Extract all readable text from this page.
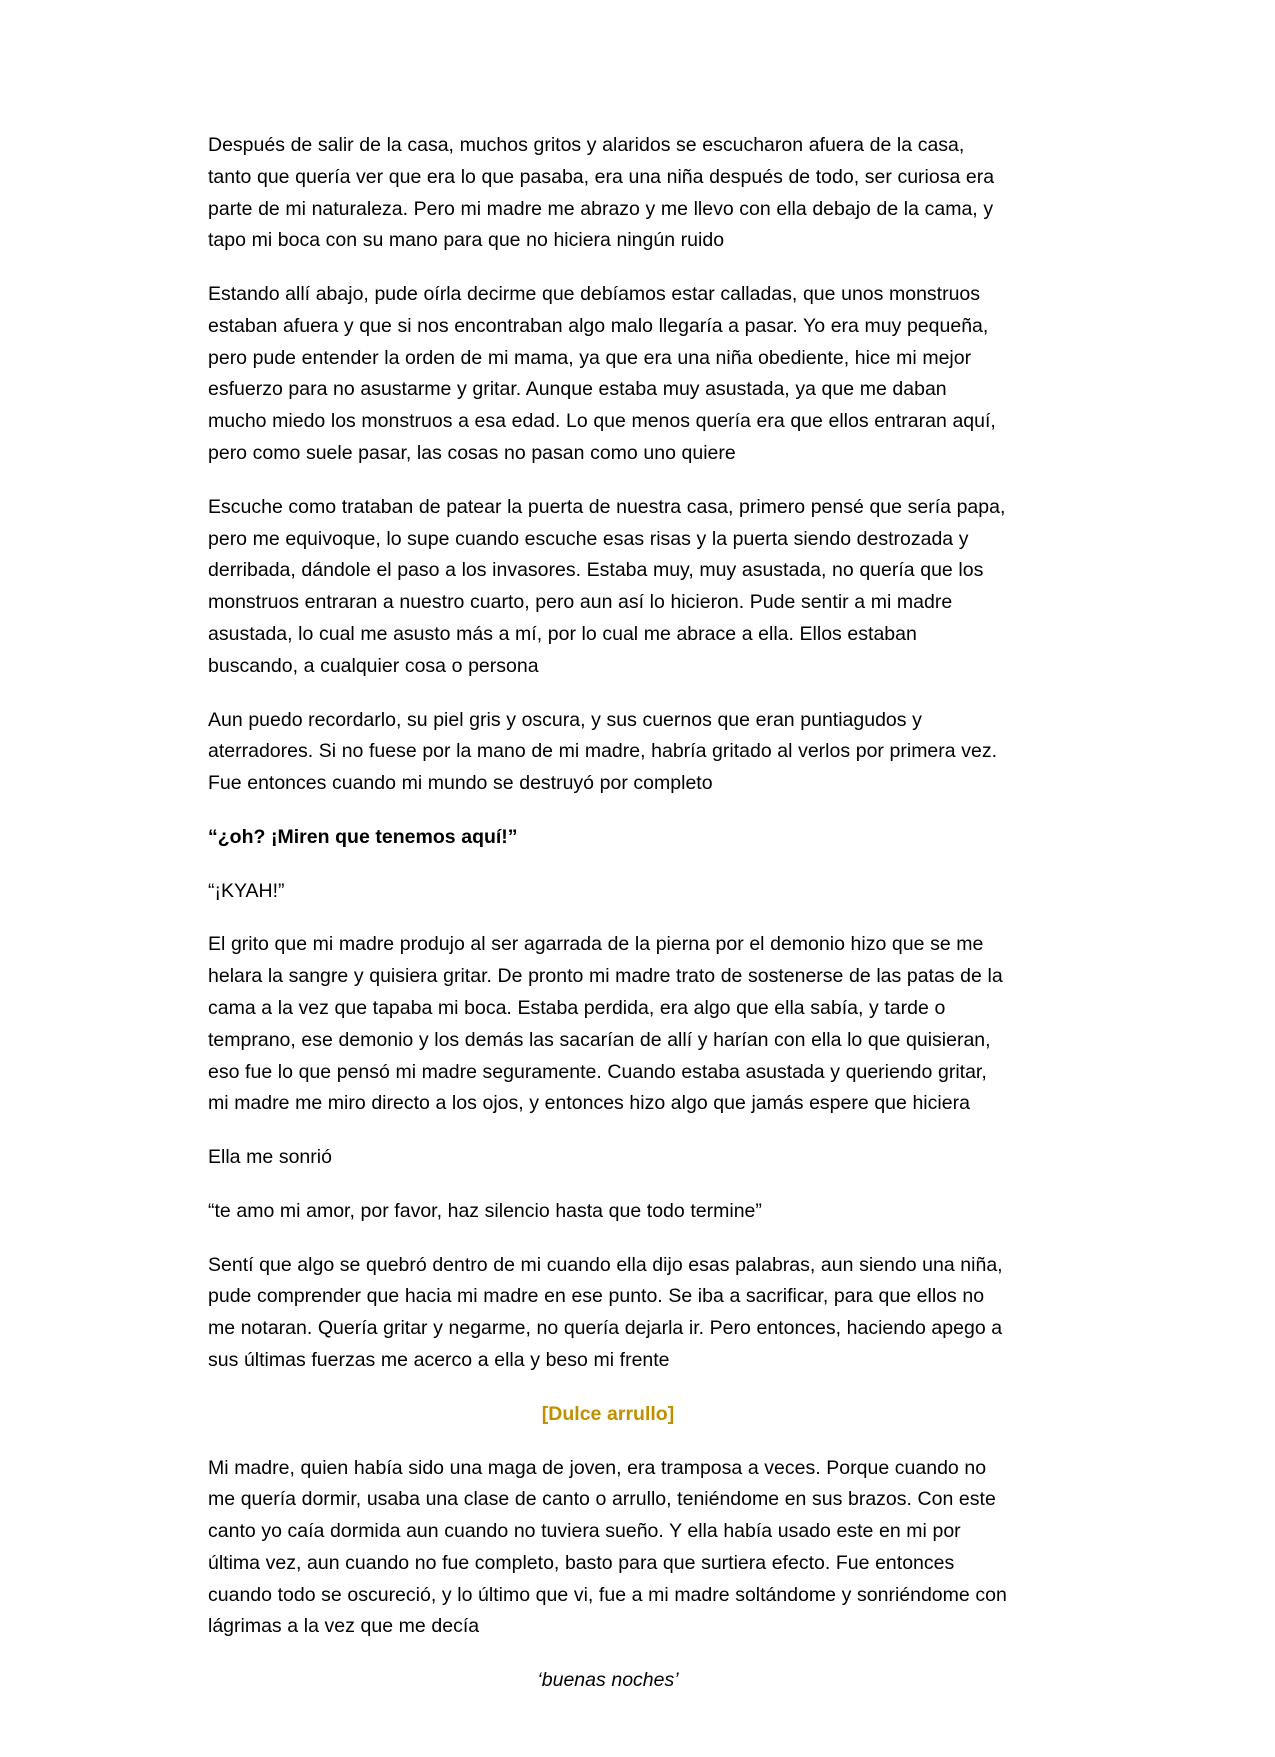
Después de salir de la casa, muchos gritos y alaridos se escucharon afuera de la casa, tanto que quería ver que era lo que pasaba, era una niña después de todo, ser curiosa era parte de mi naturaleza. Pero mi madre me abrazo y me llevo con ella debajo de la cama, y tapo mi boca con su mano para que no hiciera ningún ruido

Estando allí abajo, pude oírla decirme que debíamos estar calladas, que unos monstruos estaban afuera y que si nos encontraban algo malo llegaría a pasar. Yo era muy pequeña, pero pude entender la orden de mi mama, ya que era una niña obediente, hice mi mejor esfuerzo para no asustarme y gritar. Aunque estaba muy asustada, ya que me daban mucho miedo los monstruos a esa edad. Lo que menos quería era que ellos entraran aquí, pero como suele pasar, las cosas no pasan como uno quiere

Escuche como trataban de patear la puerta de nuestra casa, primero pensé que sería papa, pero me equivoque, lo supe cuando escuche esas risas y la puerta siendo destrozada y derribada, dándole el paso a los invasores. Estaba muy, muy asustada, no quería que los monstruos entraran a nuestro cuarto, pero aun así lo hicieron. Pude sentir a mi madre asustada, lo cual me asusto más a mí, por lo cual me abrace a ella. Ellos estaban buscando, a cualquier cosa o persona

Aun puedo recordarlo, su piel gris y oscura, y sus cuernos que eran puntiagudos y aterradores. Si no fuese por la mano de mi madre, habría gritado al verlos por primera vez. Fue entonces cuando mi mundo se destruyó por completo

“¿oh? ¡Miren que tenemos aquí!”

“¡KYAH!”

El grito que mi madre produjo al ser agarrada de la pierna por el demonio hizo que se me helara la sangre y quisiera gritar. De pronto mi madre trato de sostenerse de las patas de la cama a la vez que tapaba mi boca. Estaba perdida, era algo que ella sabía, y tarde o temprano, ese demonio y los demás las sacarían de allí y harían con ella lo que quisieran, eso fue lo que pensó mi madre seguramente. Cuando estaba asustada y queriendo gritar, mi madre me miro directo a los ojos, y entonces hizo algo que jamás espere que hiciera

Ella me sonrió

“te amo mi amor, por favor, haz silencio hasta que todo termine”

Sentí que algo se quebró dentro de mi cuando ella dijo esas palabras, aun siendo una niña, pude comprender que hacia mi madre en ese punto. Se iba a sacrificar, para que ellos no me notaran. Quería gritar y negarme, no quería dejarla ir. Pero entonces, haciendo apego a sus últimas fuerzas me acerco a ella y beso mi frente

[Dulce arrullo]

Mi madre, quien había sido una maga de joven, era tramposa a veces. Porque cuando no me quería dormir, usaba una clase de canto o arrullo, teniéndome en sus brazos. Con este canto yo caía dormida aun cuando no tuviera sueño. Y ella había usado este en mi por última vez, aun cuando no fue completo, basto para que surtiera efecto. Fue entonces cuando todo se oscureció, y lo último que vi, fue a mi madre soltándome y sonriéndome con lágrimas a la vez que me decía

‘buenas noches’
